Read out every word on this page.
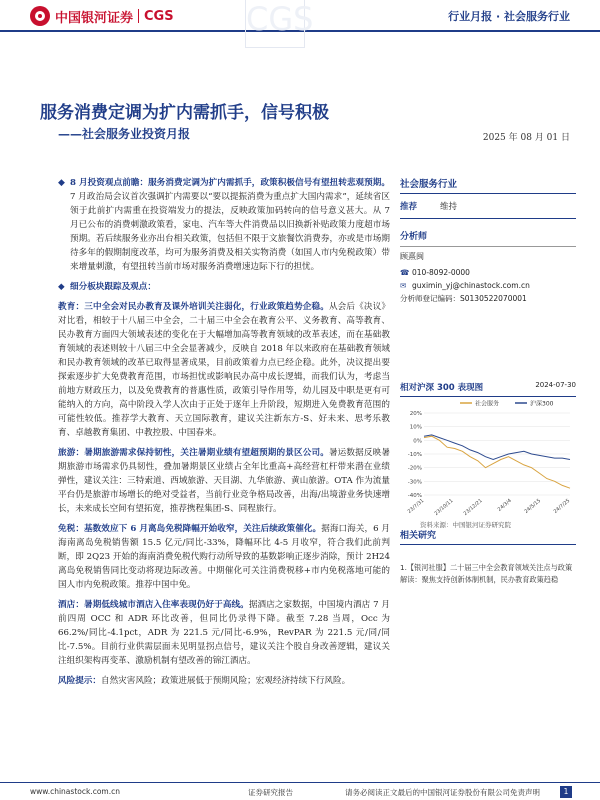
中国银河证券 CGS	行业月报 · 社会服务行业
CGS
服务消费定调为扩内需抓手，信号积极
——社会服务业投资月报	2025 年 08 月 01 日

◆ 8 月投资观点前瞻：服务消费定调为扩内需抓手，政策积极信号有望扭转悲观预期。7 月政治局会议首次强调扩内需要以“要以提振消费为重点扩大国内需求”，延续省区领于此前扩内需重在投资端发力的提法，反映政策加码转向的信号意义甚大。从 7 月已公布的消费刺激政策看，家电、汽车等大件消费品以旧换新补贴政策力度超市场预期。若后续服务业亦出台相关政策，包括但不限于文旅餐饮消费券，亦或是市场期待多年的假期制度改革，均可为服务消费及相关实物消费（如国人市内免税政策）带来增量刺激，有望扭转当前市场对服务消费增速边际下行的担忧。

◆ 细分板块跟踪及观点：

教育：三中全会对民办教育及课外培训关注弱化，行业政策趋势企稳。从会后《决议》对比看，相较于十八届三中全会，二十届三中全会在教育公平、义务教育、高等教育、民办教育方面四大领域表述的变化在于大幅增加高等教育领域的改革表述，而在基础教育领域的表述则较十八届三中全会显著减少，反映自 2018 年以来政府在基础教育领域和民办教育领域的改革已取得显著成果，目前政策着力点已经企稳。此外，决议提出要探索逐步扩大免费教育范围，市场担忧或影响民办高中成长逻辑，而我们认为，考虑当前地方财政压力，以及免费教育的普惠性质，政策引导作用等，幼儿园及中职是更有可能纳入的方向，高中阶段入学人次由于正处于逐年上升阶段，短期进入免费教育范围的可能性较低。推荐学大教育、天立国际教育，建议关注新东方-S、好未来、思考乐教育、卓越教育集团、中教控股、中国春来。

旅游：暑期旅游需求保持韧性，关注暑期业绩有望超预期的景区公司。暑运数据反映暑期旅游市场需求仍具韧性，叠加暑期景区业绩占全年比重高+高经营杠杆带来潜在业绩弹性，建议关注：三特索道、西域旅游、天目湖、九华旅游、黄山旅游。OTA 作为流量平台仍是旅游市场增长的绝对受益者，当前行业竞争格局改善，出海/出境游业务快速增长，未来成长空间有望拓宽，推荐携程集团-S、同程旅行。

免税：基数效应下 6 月离岛免税降幅开始收窄，关注后续政策催化。据海口海关，6 月海南离岛免税销售额 15.5 亿元/同比-33%，降幅环比 4-5 月收窄，符合我们此前判断，即 2Q23 开始的海南消费免税代购行动所导致的基数影响正逐步消除，预计 2H24 离岛免税销售同比变动将现边际改善。中期催化可关注消费税移+市内免税落地可能的国人市内免税政策。推荐中国中免。

酒店：暑期低线城市酒店入住率表现仍好于高线。据酒店之家数据，中国境内酒店 7 月前四周 OCC 和 ADR 环比改善，但同比仍录得下降。截至 7.28 当周，Occ 为 66.2%/同比-4.1pct，ADR 为 221.5 元/同比-6.9%，RevPAR 为 221.5 元/同/同比-7.5%。目前行业供需层面未见明显拐点信号，建议关注个股自身改善逻辑，建议关注组织架构再变革、激励机制有望改善的锦江酒店。

风险提示：自然灾害风险；政策进展低于预期风险；宏观经济持续下行风险。

社会服务行业
推荐	维持
分析师
顾熹闽
☎ 010-8092-0000
✉ guximin_yj@chinastock.com.cn
分析师登记编码：S0130522070001
相对沪深 300 表现图	2024-07-30
社会服务	沪深300
20%
10%
0%
-10%
-20%
-30%
-40%
23/7/31 23/10/11 23/12/21	24/3/4 24/5/15 24/7/25
资料来源：中国银河证券研究院
相关研究
1.【银河社服】二十届三中全会教育领域关注点与政策解读：聚焦支持创新体制机制，民办教育政策趋稳
www.chinastock.com.cn	证券研究报告	请务必阅读正文最后的中国银河证券股份有限公司免责声明	1
